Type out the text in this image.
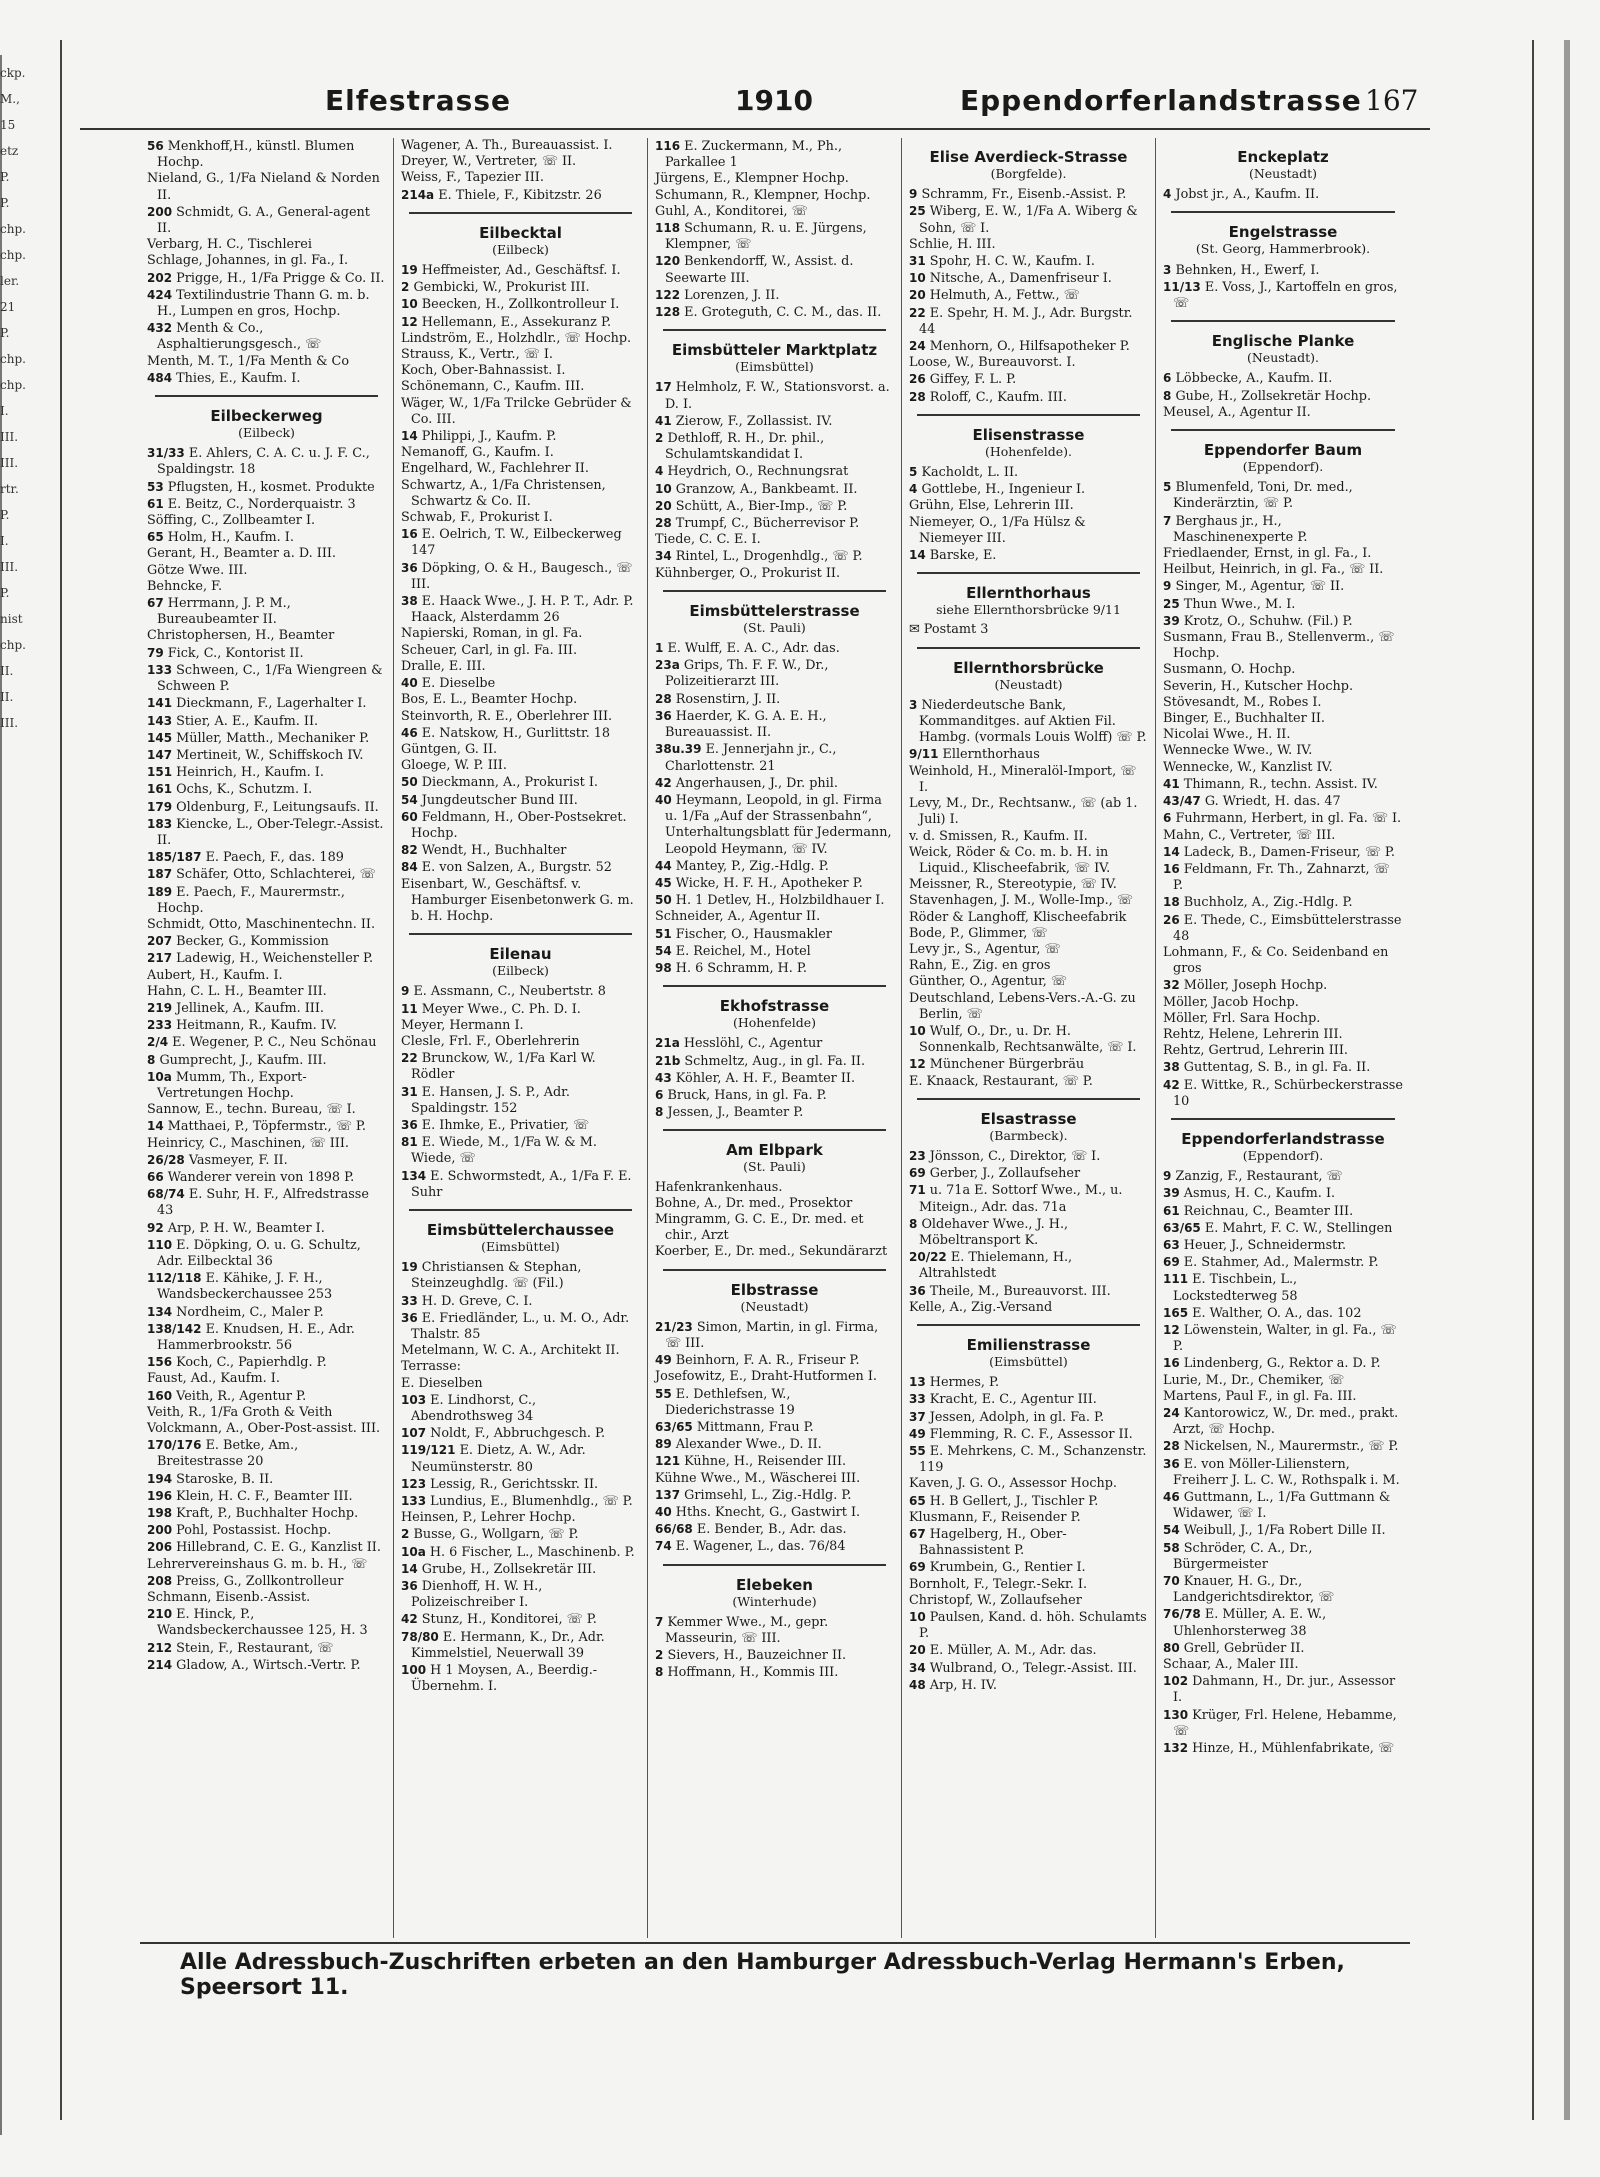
ckp.
M.,
15
etz
P.
P.
chp.
chp.
ler.
21
P.
chp.
chp.
I.
III.
III.
rtr.
P.
I.
III.
P.
nist
chp.
II.
II.
III.
Elfestrasse	1910	Eppendorferlandstrasse 167

56 Menkhoff,H., künstl. Blumen Hochp.

Nieland, G., 1/Fa Nieland & Norden II.

200 Schmidt, G. A., General-agent II.

Verbarg, H. C., Tischlerei

Schlage, Johannes, in gl. Fa., I.

202 Prigge, H., 1/Fa Prigge & Co. II.

424 Textilindustrie Thann G. m. b. H., Lumpen en gros, Hochp.

432 Menth & Co., Asphaltierungsgesch., ☏

Menth, M. T., 1/Fa Menth & Co

484 Thies, E., Kaufm. I.

Eilbeckerweg
(Eilbeck)

31/33 E. Ahlers, C. A. C. u. J. F. C., Spaldingstr. 18

53 Pflugsten, H., kosmet. Produkte

61 E. Beitz, C., Norderquaistr. 3

Söffing, C., Zollbeamter I.

65 Holm, H., Kaufm. I.

Gerant, H., Beamter a. D. III.

Götze Wwe. III.

Behncke, F.

67 Herrmann, J. P. M., Bureaubeamter II.

Christophersen, H., Beamter

79 Fick, C., Kontorist II.

133 Schween, C., 1/Fa Wiengreen & Schween P.

141 Dieckmann, F., Lagerhalter I.

143 Stier, A. E., Kaufm. II.

145 Müller, Matth., Mechaniker P.

147 Mertineit, W., Schiffskoch IV.

151 Heinrich, H., Kaufm. I.

161 Ochs, K., Schutzm. I.

179 Oldenburg, F., Leitungsaufs. II.

183 Kiencke, L., Ober-Telegr.-Assist. II.

185/187 E. Paech, F., das. 189

187 Schäfer, Otto, Schlachterei, ☏

189 E. Paech, F., Maurermstr., Hochp.

Schmidt, Otto, Maschinentechn. II.

207 Becker, G., Kommission

217 Ladewig, H., Weichensteller P.

Aubert, H., Kaufm. I.

Hahn, C. L. H., Beamter III.

219 Jellinek, A., Kaufm. III.

233 Heitmann, R., Kaufm. IV.

2/4 E. Wegener, P. C., Neu Schönau

8 Gumprecht, J., Kaufm. III.

10a Mumm, Th., Export-Vertretungen Hochp.

Sannow, E., techn. Bureau, ☏ I.

14 Matthaei, P., Töpfermstr., ☏ P.

Heinricy, C., Maschinen, ☏ III.

26/28 Vasmeyer, F. II.

66 Wanderer verein von 1898 P.

68/74 E. Suhr, H. F., Alfredstrasse 43

92 Arp, P. H. W., Beamter I.

110 E. Döpking, O. u. G. Schultz, Adr. Eilbecktal 36

112/118 E. Kähike, J. F. H., Wandsbeckerchaussee 253

134 Nordheim, C., Maler P.

138/142 E. Knudsen, H. E., Adr. Hammerbrookstr. 56

156 Koch, C., Papierhdlg. P.

Faust, Ad., Kaufm. I.

160 Veith, R., Agentur P.

Veith, R., 1/Fa Groth & Veith

Volckmann, A., Ober-Post-assist. III.

170/176 E. Betke, Am., Breitestrasse 20

194 Staroske, B. II.

196 Klein, H. C. F., Beamter III.

198 Kraft, P., Buchhalter Hochp.

200 Pohl, Postassist. Hochp.

206 Hillebrand, C. E. G., Kanzlist II.

Lehrervereinshaus G. m. b. H., ☏

208 Preiss, G., Zollkontrolleur

Schmann, Eisenb.-Assist.

210 E. Hinck, P., Wandsbeckerchaussee 125, H. 3

212 Stein, F., Restaurant, ☏

214 Gladow, A., Wirtsch.-Vertr. P.

Wagener, A. Th., Bureauassist. I.

Dreyer, W., Vertreter, ☏ II.

Weiss, F., Tapezier III.

214a E. Thiele, F., Kibitzstr. 26

Eilbecktal
(Eilbeck)

19 Heffmeister, Ad., Geschäftsf. I.

2 Gembicki, W., Prokurist III.

10 Beecken, H., Zollkontrolleur I.

12 Hellemann, E., Assekuranz P.

Lindström, E., Holzhdlr., ☏ Hochp.

Strauss, K., Vertr., ☏ I.

Koch, Ober-Bahnassist. I.

Schönemann, C., Kaufm. III.

Wäger, W., 1/Fa Trilcke Gebrüder & Co. III.

14 Philippi, J., Kaufm. P.

Nemanoff, G., Kaufm. I.

Engelhard, W., Fachlehrer II.

Schwartz, A., 1/Fa Christensen, Schwartz & Co. II.

Schwab, F., Prokurist I.

16 E. Oelrich, T. W., Eilbeckerweg 147

36 Döpking, O. & H., Baugesch., ☏ III.

38 E. Haack Wwe., J. H. P. T., Adr. P. Haack, Alsterdamm 26

Napierski, Roman, in gl. Fa.

Scheuer, Carl, in gl. Fa. III.

Dralle, E. III.

40 E. Dieselbe

Bos, E. L., Beamter Hochp.

Steinvorth, R. E., Oberlehrer III.

46 E. Natskow, H., Gurlittstr. 18

Güntgen, G. II.

Gloege, W. P. III.

50 Dieckmann, A., Prokurist I.

54 Jungdeutscher Bund III.

60 Feldmann, H., Ober-Postsekret. Hochp.

82 Wendt, H., Buchhalter

84 E. von Salzen, A., Burgstr. 52

Eisenbart, W., Geschäftsf. v. Hamburger Eisenbetonwerk G. m. b. H. Hochp.

Eilenau
(Eilbeck)

9 E. Assmann, C., Neubertstr. 8

11 Meyer Wwe., C. Ph. D. I.

Meyer, Hermann I.

Clesle, Frl. F., Oberlehrerin

22 Brunckow, W., 1/Fa Karl W. Rödler

31 E. Hansen, J. S. P., Adr. Spaldingstr. 152

36 E. Ihmke, E., Privatier, ☏

81 E. Wiede, M., 1/Fa W. & M. Wiede, ☏

134 E. Schwormstedt, A., 1/Fa F. E. Suhr

Eimsbüttelerchaussee
(Eimsbüttel)

19 Christiansen & Stephan, Steinzeughdlg. ☏ (Fil.)

33 H. D. Greve, C. I.

36 E. Friedländer, L., u. M. O., Adr. Thalstr. 85

Metelmann, W. C. A., Architekt II.

Terrasse:

E. Dieselben

103 E. Lindhorst, C., Abendrothsweg 34

107 Noldt, F., Abbruchgesch. P.

119/121 E. Dietz, A. W., Adr. Neumünsterstr. 80

123 Lessig, R., Gerichtsskr. II.

133 Lundius, E., Blumenhdlg., ☏ P.

Heinsen, P., Lehrer Hochp.

2 Busse, G., Wollgarn, ☏ P.

10a H. 6 Fischer, L., Maschinenb. P.

14 Grube, H., Zollsekretär III.

36 Dienhoff, H. W. H., Polizeischreiber I.

42 Stunz, H., Konditorei, ☏ P.

78/80 E. Hermann, K., Dr., Adr. Kimmelstiel, Neuerwall 39

100 H 1 Moysen, A., Beerdig.-Übernehm. I.

116 E. Zuckermann, M., Ph., Parkallee 1

Jürgens, E., Klempner Hochp.

Schumann, R., Klempner, Hochp.

Guhl, A., Konditorei, ☏

118 Schumann, R. u. E. Jürgens, Klempner, ☏

120 Benkendorff, W., Assist. d. Seewarte III.

122 Lorenzen, J. II.

128 E. Groteguth, C. C. M., das. II.

Eimsbütteler Marktplatz
(Eimsbüttel)

17 Helmholz, F. W., Stationsvorst. a. D. I.

41 Zierow, F., Zollassist. IV.

2 Dethloff, R. H., Dr. phil., Schulamtskandidat I.

4 Heydrich, O., Rechnungsrat

10 Granzow, A., Bankbeamt. II.

20 Schütt, A., Bier-Imp., ☏ P.

28 Trumpf, C., Bücherrevisor P.

Tiede, C. C. E. I.

34 Rintel, L., Drogenhdlg., ☏ P.

Kühnberger, O., Prokurist II.

Eimsbüttelerstrasse
(St. Pauli)

1 E. Wulff, E. A. C., Adr. das.

23a Grips, Th. F. F. W., Dr., Polizeitierarzt III.

28 Rosenstirn, J. II.

36 Haerder, K. G. A. E. H., Bureauassist. II.

38u.39 E. Jennerjahn jr., C., Charlottenstr. 21

42 Angerhausen, J., Dr. phil.

40 Heymann, Leopold, in gl. Firma u. 1/Fa „Auf der Strassenbahn“, Unterhaltungsblatt für Jedermann, Leopold Heymann, ☏ IV.

44 Mantey, P., Zig.-Hdlg. P.

45 Wicke, H. F. H., Apotheker P.

50 H. 1 Detlev, H., Holzbildhauer I.

Schneider, A., Agentur II.

51 Fischer, O., Hausmakler

54 E. Reichel, M., Hotel

98 H. 6 Schramm, H. P.

Ekhofstrasse
(Hohenfelde)

21a Hesslöhl, C., Agentur

21b Schmeltz, Aug., in gl. Fa. II.

43 Köhler, A. H. F., Beamter II.

6 Bruck, Hans, in gl. Fa. P.

8 Jessen, J., Beamter P.

Am Elbpark
(St. Pauli)

Hafenkrankenhaus.

Bohne, A., Dr. med., Prosektor

Mingramm, G. C. E., Dr. med. et chir., Arzt

Koerber, E., Dr. med., Sekundärarzt

Elbstrasse
(Neustadt)

21/23 Simon, Martin, in gl. Firma, ☏ III.

49 Beinhorn, F. A. R., Friseur P.

Josefowitz, E., Draht-Hutformen I.

55 E. Dethlefsen, W., Diederichstrasse 19

63/65 Mittmann, Frau P.

89 Alexander Wwe., D. II.

121 Kühne, H., Reisender III.

Kühne Wwe., M., Wäscherei III.

137 Grimsehl, L., Zig.-Hdlg. P.

40 Hths. Knecht, G., Gastwirt I.

66/68 E. Bender, B., Adr. das.

74 E. Wagener, L., das. 76/84

Elebeken
(Winterhude)

7 Kemmer Wwe., M., gepr. Masseurin, ☏ III.

2 Sievers, H., Bauzeichner II.

8 Hoffmann, H., Kommis III.

Elise Averdieck-Strasse
(Borgfelde).

9 Schramm, Fr., Eisenb.-Assist. P.

25 Wiberg, E. W., 1/Fa A. Wiberg & Sohn, ☏ I.

Schlie, H. III.

31 Spohr, H. C. W., Kaufm. I.

10 Nitsche, A., Damenfriseur I.

20 Helmuth, A., Fettw., ☏

22 E. Spehr, H. M. J., Adr. Burgstr. 44

24 Menhorn, O., Hilfsapotheker P.

Loose, W., Bureauvorst. I.

26 Giffey, F. L. P.

28 Roloff, C., Kaufm. III.

Elisenstrasse
(Hohenfelde).

5 Kacholdt, L. II.

4 Gottlebe, H., Ingenieur I.

Grühn, Else, Lehrerin III.

Niemeyer, O., 1/Fa Hülsz & Niemeyer III.

14 Barske, E.

Ellernthorhaus
siehe Ellernthorsbrücke 9/11

✉ Postamt 3

Ellernthorsbrücke
(Neustadt)

3 Niederdeutsche Bank, Kommanditges. auf Aktien Fil. Hambg. (vormals Louis Wolff) ☏ P.

9/11 Ellernthorhaus

Weinhold, H., Mineralöl-Import, ☏ I.

Levy, M., Dr., Rechtsanw., ☏ (ab 1. Juli) I.

v. d. Smissen, R., Kaufm. II.

Weick, Röder & Co. m. b. H. in Liquid., Klischeefabrik, ☏ IV.

Meissner, R., Stereotypie, ☏ IV.

Stavenhagen, J. M., Wolle-Imp., ☏

Röder & Langhoff, Klischeefabrik

Bode, P., Glimmer, ☏

Levy jr., S., Agentur, ☏

Rahn, E., Zig. en gros

Günther, O., Agentur, ☏

Deutschland, Lebens-Vers.-A.-G. zu Berlin, ☏

10 Wulf, O., Dr., u. Dr. H. Sonnenkalb, Rechtsanwälte, ☏ I.

12 Münchener Bürgerbräu

E. Knaack, Restaurant, ☏ P.

Elsastrasse
(Barmbeck).

23 Jönsson, C., Direktor, ☏ I.

69 Gerber, J., Zollaufseher

71 u. 71a E. Sottorf Wwe., M., u. Miteign., Adr. das. 71a

8 Oldehaver Wwe., J. H., Möbeltransport K.

20/22 E. Thielemann, H., Altrahlstedt

36 Theile, M., Bureauvorst. III.

Kelle, A., Zig.-Versand

Emilienstrasse
(Eimsbüttel)

13 Hermes, P.

33 Kracht, E. C., Agentur III.

37 Jessen, Adolph, in gl. Fa. P.

49 Flemming, R. C. F., Assessor II.

55 E. Mehrkens, C. M., Schanzenstr. 119

Kaven, J. G. O., Assessor Hochp.

65 H. B Gellert, J., Tischler P.

Klusmann, F., Reisender P.

67 Hagelberg, H., Ober-Bahnassistent P.

69 Krumbein, G., Rentier I.

Bornholt, F., Telegr.-Sekr. I.

Christopf, W., Zollaufseher

10 Paulsen, Kand. d. höh. Schulamts P.

20 E. Müller, A. M., Adr. das.

34 Wulbrand, O., Telegr.-Assist. III.

48 Arp, H. IV.

Enckeplatz
(Neustadt)

4 Jobst jr., A., Kaufm. II.

Engelstrasse
(St. Georg, Hammerbrook).

3 Behnken, H., Ewerf, I.

11/13 E. Voss, J., Kartoffeln en gros, ☏

Englische Planke
(Neustadt).

6 Löbbecke, A., Kaufm. II.

8 Gube, H., Zollsekretär Hochp.

Meusel, A., Agentur II.

Eppendorfer Baum
(Eppendorf).

5 Blumenfeld, Toni, Dr. med., Kinderärztin, ☏ P.

7 Berghaus jr., H., Maschinenexperte P.

Friedlaender, Ernst, in gl. Fa., I.

Heilbut, Heinrich, in gl. Fa., ☏ II.

9 Singer, M., Agentur, ☏ II.

25 Thun Wwe., M. I.

39 Krotz, O., Schuhw. (Fil.) P.

Susmann, Frau B., Stellenverm., ☏ Hochp.

Susmann, O. Hochp.

Severin, H., Kutscher Hochp.

Stövesandt, M., Robes I.

Binger, E., Buchhalter II.

Nicolai Wwe., H. II.

Wennecke Wwe., W. IV.

Wennecke, W., Kanzlist IV.

41 Thimann, R., techn. Assist. IV.

43/47 G. Wriedt, H. das. 47

6 Fuhrmann, Herbert, in gl. Fa. ☏ I.

Mahn, C., Vertreter, ☏ III.

14 Ladeck, B., Damen-Friseur, ☏ P.

16 Feldmann, Fr. Th., Zahnarzt, ☏ P.

18 Buchholz, A., Zig.-Hdlg. P.

26 E. Thede, C., Eimsbüttelerstrasse 48

Lohmann, F., & Co. Seidenband en gros

32 Möller, Joseph Hochp.

Möller, Jacob Hochp.

Möller, Frl. Sara Hochp.

Rehtz, Helene, Lehrerin III.

Rehtz, Gertrud, Lehrerin III.

38 Guttentag, S. B., in gl. Fa. II.

42 E. Wittke, R., Schürbeckerstrasse 10

Eppendorferlandstrasse
(Eppendorf).

9 Zanzig, F., Restaurant, ☏

39 Asmus, H. C., Kaufm. I.

61 Reichnau, C., Beamter III.

63/65 E. Mahrt, F. C. W., Stellingen

63 Heuer, J., Schneidermstr.

69 E. Stahmer, Ad., Malermstr. P.

111 E. Tischbein, L., Lockstedterweg 58

165 E. Walther, O. A., das. 102

12 Löwenstein, Walter, in gl. Fa., ☏ P.

16 Lindenberg, G., Rektor a. D. P.

Lurie, M., Dr., Chemiker, ☏

Martens, Paul F., in gl. Fa. III.

24 Kantorowicz, W., Dr. med., prakt. Arzt, ☏ Hochp.

28 Nickelsen, N., Maurermstr., ☏ P.

36 E. von Möller-Lilienstern, Freiherr J. L. C. W., Rothspalk i. M.

46 Guttmann, L., 1/Fa Guttmann & Widawer, ☏ I.

54 Weibull, J., 1/Fa Robert Dille II.

58 Schröder, C. A., Dr., Bürgermeister

70 Knauer, H. G., Dr., Landgerichtsdirektor, ☏

76/78 E. Müller, A. E. W., Uhlenhorsterweg 38

80 Grell, Gebrüder II.

Schaar, A., Maler III.

102 Dahmann, H., Dr. jur., Assessor I.

130 Krüger, Frl. Helene, Hebamme, ☏

132 Hinze, H., Mühlenfabrikate, ☏

Alle Adressbuch-Zuschriften erbeten an den Hamburger Adressbuch-Verlag Hermann's Erben, Speersort 11.
